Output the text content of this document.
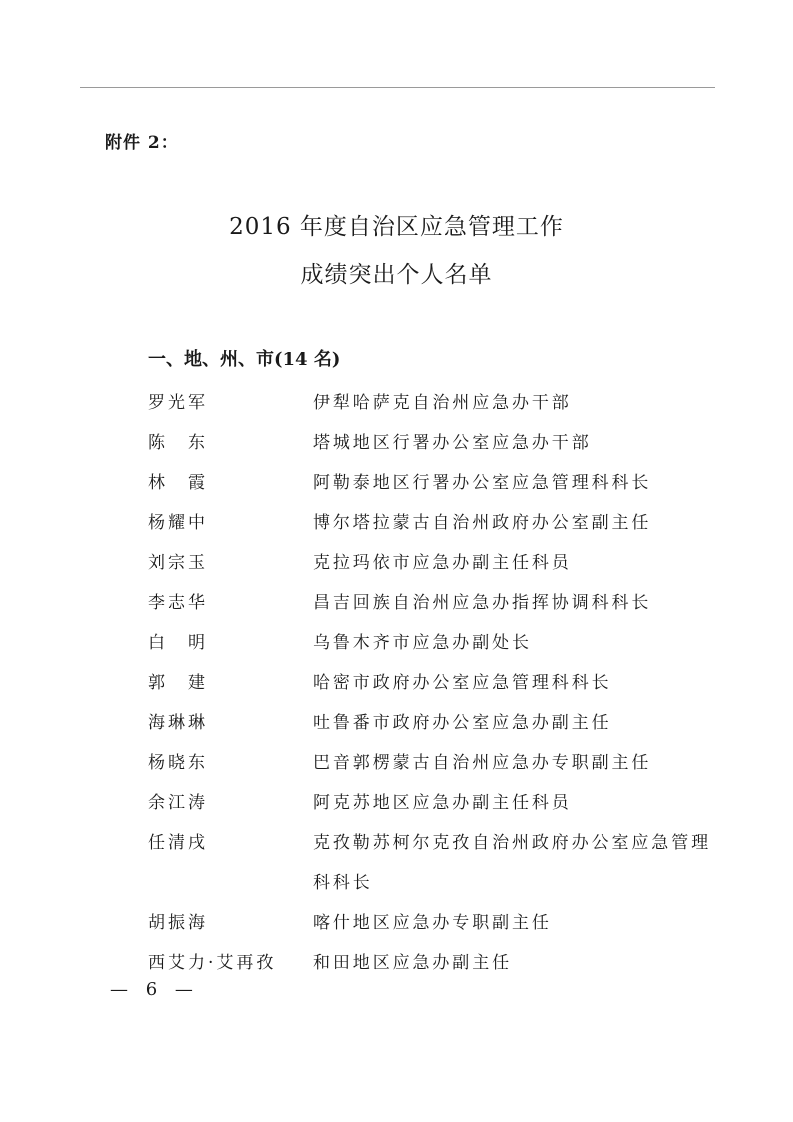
附件 2：
2016 年度自治区应急管理工作
成绩突出个人名单
一、地、州、市(14 名)
罗光军	伊犁哈萨克自治州应急办干部
陈　东	塔城地区行署办公室应急办干部
林　霞	阿勒泰地区行署办公室应急管理科科长
杨耀中	博尔塔拉蒙古自治州政府办公室副主任
刘宗玉	克拉玛依市应急办副主任科员
李志华	昌吉回族自治州应急办指挥协调科科长
白　明	乌鲁木齐市应急办副处长
郭　建	哈密市政府办公室应急管理科科长
海琳琳	吐鲁番市政府办公室应急办副主任
杨晓东	巴音郭楞蒙古自治州应急办专职副主任
余江涛	阿克苏地区应急办副主任科员
任清戌	克孜勒苏柯尔克孜自治州政府办公室应急管理科科长
胡振海	喀什地区应急办专职副主任
西艾力·艾再孜	和田地区应急办副主任
— 6 —
